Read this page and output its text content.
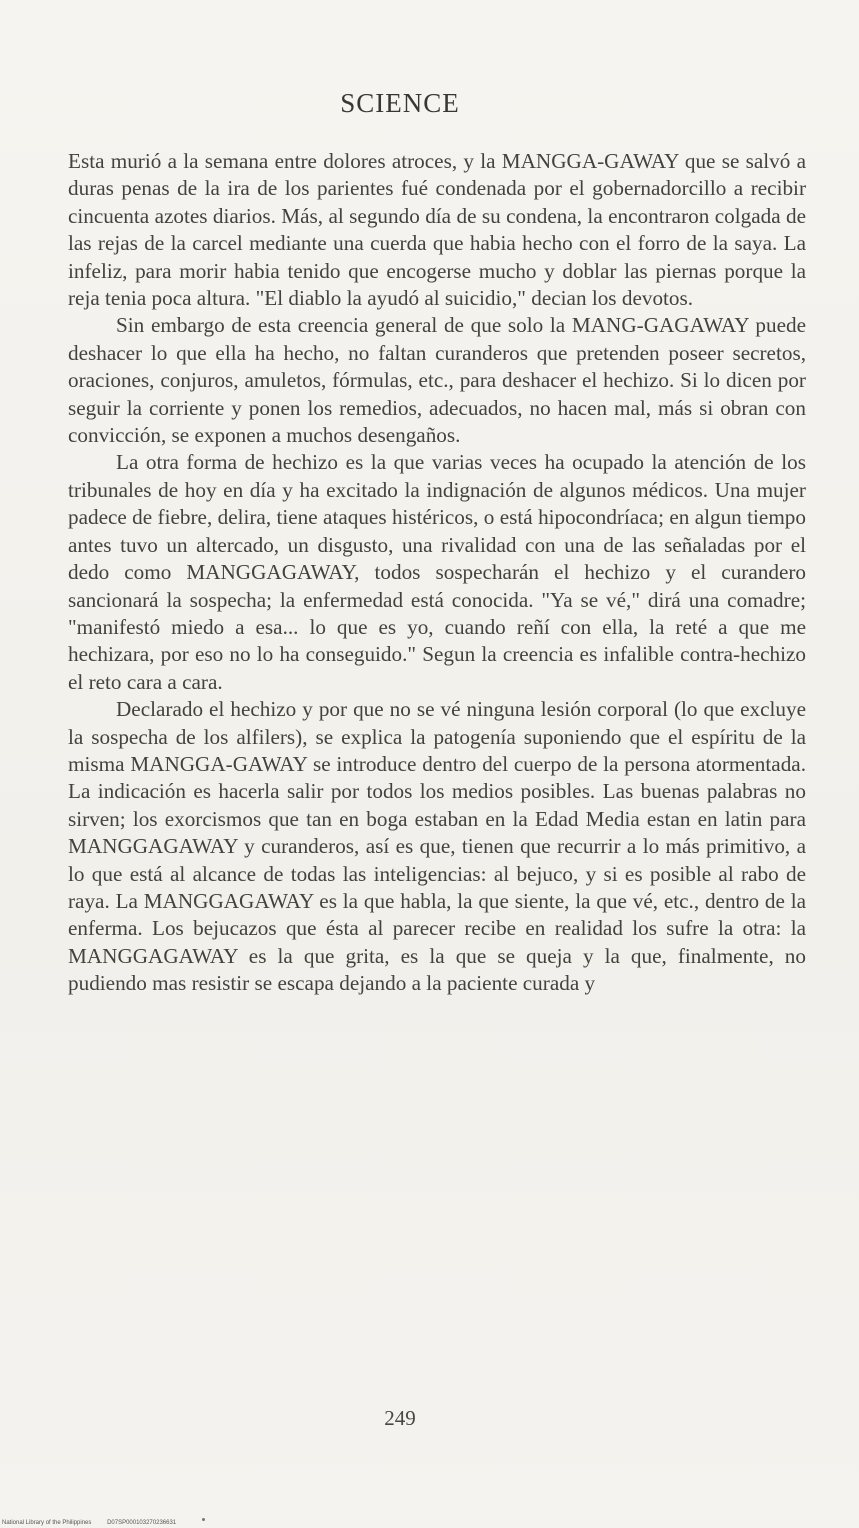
SCIENCE

Esta murió a la semana entre dolores atroces, y la MANGGA-GAWAY que se salvó a duras penas de la ira de los parientes fué condenada por el gobernadorcillo a recibir cincuenta azotes diarios. Más, al segundo día de su condena, la encontraron colgada de las rejas de la carcel mediante una cuerda que habia hecho con el forro de la saya. La infeliz, para morir habia tenido que encogerse mucho y doblar las piernas porque la reja tenia poca altura. "El diablo la ayudó al suicidio," decian los devotos.

Sin embargo de esta creencia general de que solo la MANG-GAGAWAY puede deshacer lo que ella ha hecho, no faltan curanderos que pretenden poseer secretos, oraciones, conjuros, amuletos, fórmulas, etc., para deshacer el hechizo. Si lo dicen por seguir la corriente y ponen los remedios, adecuados, no hacen mal, más si obran con convicción, se exponen a muchos desengaños.

La otra forma de hechizo es la que varias veces ha ocupado la atención de los tribunales de hoy en día y ha excitado la indignación de algunos médicos. Una mujer padece de fiebre, delira, tiene ataques histéricos, o está hipocondríaca; en algun tiempo antes tuvo un altercado, un disgusto, una rivalidad con una de las señaladas por el dedo como MANGGAGAWAY, todos sospecharán el hechizo y el curandero sancionará la sospecha; la enfermedad está conocida. "Ya se vé," dirá una comadre; "manifestó miedo a esa... lo que es yo, cuando reñí con ella, la reté a que me hechizara, por eso no lo ha conseguido." Segun la creencia es infalible contra-hechizo el reto cara a cara.

Declarado el hechizo y por que no se vé ninguna lesión corporal (lo que excluye la sospecha de los alfilers), se explica la patogenía suponiendo que el espíritu de la misma MANGGA-GAWAY se introduce dentro del cuerpo de la persona atormentada. La indicación es hacerla salir por todos los medios posibles. Las buenas palabras no sirven; los exorcismos que tan en boga estaban en la Edad Media estan en latin para MANGGAGAWAY y curanderos, así es que, tienen que recurrir a lo más primitivo, a lo que está al alcance de todas las inteligencias: al bejuco, y si es posible al rabo de raya. La MANGGAGAWAY es la que habla, la que siente, la que vé, etc., dentro de la enferma. Los bejucazos que ésta al parecer recibe en realidad los sufre la otra: la MANGGAGAWAY es la que grita, es la que se queja y la que, finalmente, no pudiendo mas resistir se escapa dejando a la paciente curada y

249
National Library of the Philippines	D07SP000103270236631
